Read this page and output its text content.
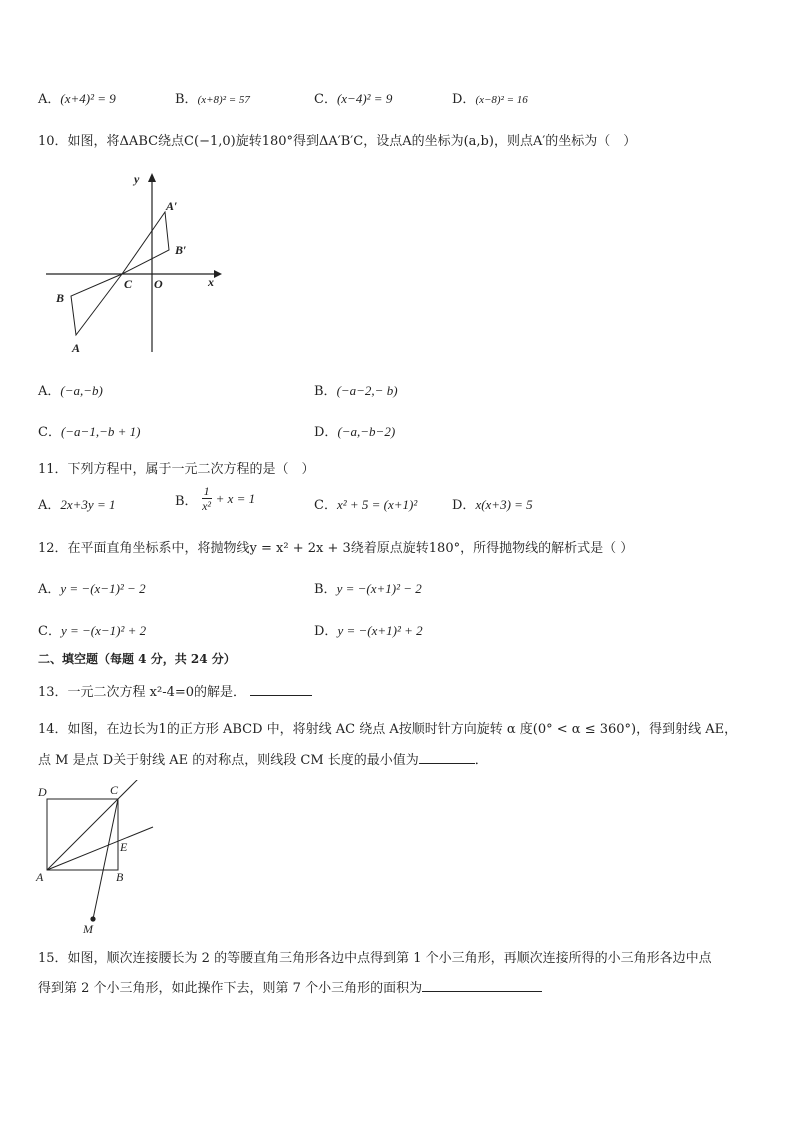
A．(x+4)² = 9	B．(x+8)² = 57	C．(x−4)² = 9	D．(x−8)² = 16
10．如图，将ΔABC绕点C(−1,0)旋转180°得到ΔA′B′C，设点A的坐标为(a,b)，则点A′的坐标为（　）
y
x
O
C
A
B
A′
B′
A．(−a,−b)	B．(−a−2,− b)
C．(−a−1,−b + 1)	D．(−a,−b−2)
11．下列方程中，属于一元二次方程的是（　）
A．2x+3y = 1	B． $\frac{1}{\text{x²}} + x = 1$	C．x² + 5 = (x+1)²	D．x(x+3) = 5
12．在平面直角坐标系中，将抛物线y = x² + 2x + 3绕着原点旋转180°，所得抛物线的解析式是（ ）
A．y = −(x−1)² − 2	B．y = −(x+1)² − 2
C．y = −(x−1)² + 2	D．y = −(x+1)² + 2
二、填空题（每题 4 分，共 24 分）
13．一元二次方程 x²-4=0的解是．
14．如图，在边长为1的正方形 ABCD 中，将射线 AC 绕点 A按顺时针方向旋转 α 度(0° < α ≤ 360°)，得到射线 AE，
点 M 是点 D关于射线 AE 的对称点，则线段 CM 长度的最小值为	．
D	C
A	B
E
M
15．如图，顺次连接腰长为 2 的等腰直角三角形各边中点得到第 1 个小三角形，再顺次连接所得的小三角形各边中点
得到第 2 个小三角形，如此操作下去，则第 7 个小三角形的面积为
